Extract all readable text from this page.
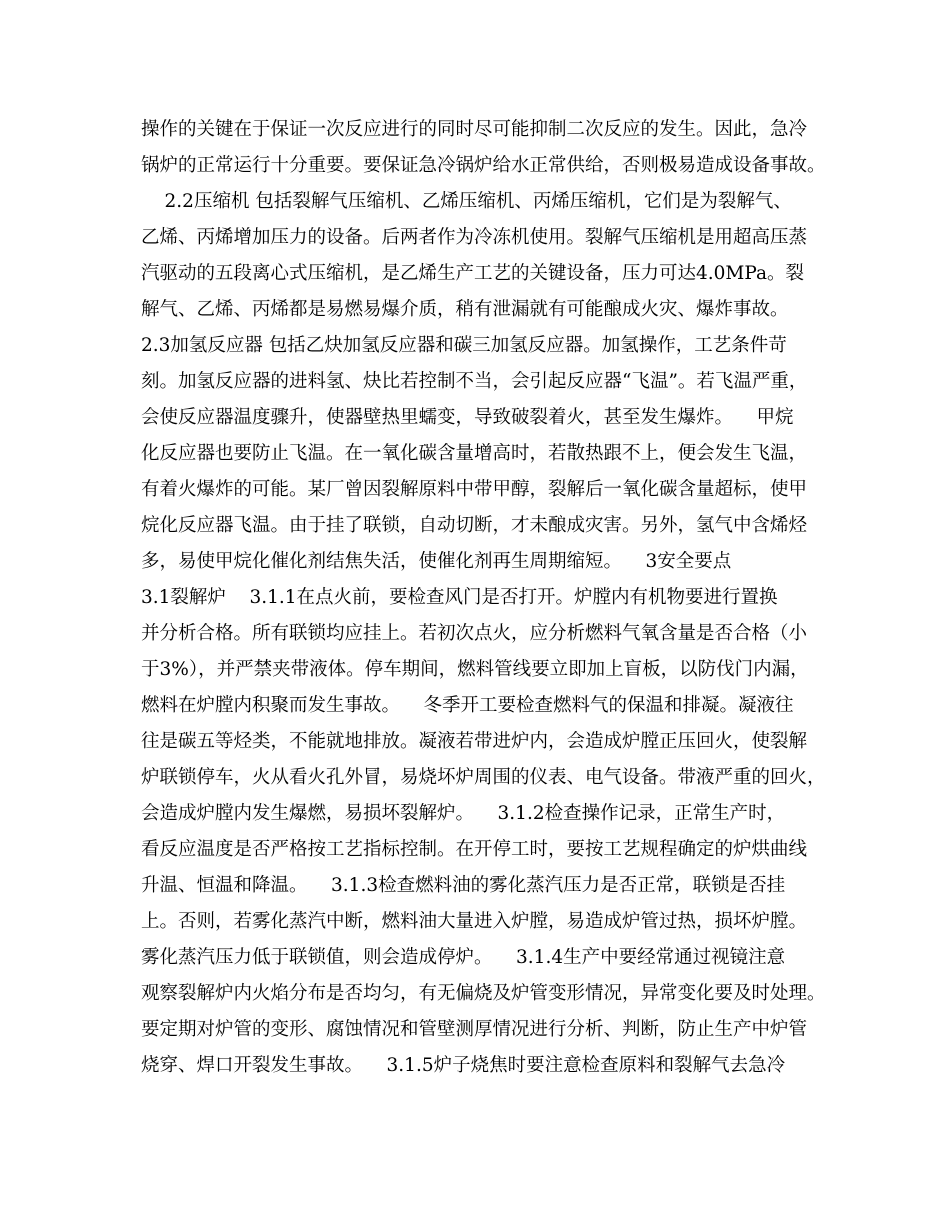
操作的关键在于保证一次反应进行的同时尽可能抑制二次反应的发生。因此，急冷
锅炉的正常运行十分重要。要保证急冷锅炉给水正常供给，否则极易造成设备事故。
2.2压缩机 包括裂解气压缩机、乙烯压缩机、丙烯压缩机，它们是为裂解气、
乙烯、丙烯增加压力的设备。后两者作为冷冻机使用。裂解气压缩机是用超高压蒸
汽驱动的五段离心式压缩机，是乙烯生产工艺的关键设备，压力可达4.0MPa。裂
解气、乙烯、丙烯都是易燃易爆介质，稍有泄漏就有可能酿成火灾、爆炸事故。
2.3加氢反应器 包括乙炔加氢反应器和碳三加氢反应器。加氢操作，工艺条件苛
刻。加氢反应器的进料氢、炔比若控制不当，会引起反应器“飞温”。若飞温严重，
会使反应器温度骤升，使器壁热里蠕变，导致破裂着火，甚至发生爆炸。    甲烷
化反应器也要防止飞温。在一氧化碳含量增高时，若散热跟不上，便会发生飞温，
有着火爆炸的可能。某厂曾因裂解原料中带甲醇，裂解后一氧化碳含量超标，使甲
烷化反应器飞温。由于挂了联锁，自动切断，才未酿成灾害。另外，氢气中含烯烃
多，易使甲烷化催化剂结焦失活，使催化剂再生周期缩短。    3安全要点
3.1裂解炉    3.1.1在点火前，要检查风门是否打开。炉膛内有机物要进行置换
并分析合格。所有联锁均应挂上。若初次点火，应分析燃料气氧含量是否合格（小
于3%），并严禁夹带液体。停车期间，燃料管线要立即加上盲板，以防伐门内漏，
燃料在炉膛内积聚而发生事故。    冬季开工要检查燃料气的保温和排凝。凝液往
往是碳五等烃类，不能就地排放。凝液若带进炉内，会造成炉膛正压回火，使裂解
炉联锁停车，火从看火孔外冒，易烧坏炉周围的仪表、电气设备。带液严重的回火，
会造成炉膛内发生爆燃，易损坏裂解炉。    3.1.2检查操作记录，正常生产时，
看反应温度是否严格按工艺指标控制。在开停工时，要按工艺规程确定的炉烘曲线
升温、恒温和降温。    3.1.3检查燃料油的雾化蒸汽压力是否正常，联锁是否挂
上。否则，若雾化蒸汽中断，燃料油大量进入炉膛，易造成炉管过热，损坏炉膛。
雾化蒸汽压力低于联锁值，则会造成停炉。    3.1.4生产中要经常通过视镜注意
观察裂解炉内火焰分布是否均匀，有无偏烧及炉管变形情况，异常变化要及时处理。
要定期对炉管的变形、腐蚀情况和管壁测厚情况进行分析、判断，防止生产中炉管
烧穿、焊口开裂发生事故。    3.1.5炉子烧焦时要注意检查原料和裂解气去急冷
